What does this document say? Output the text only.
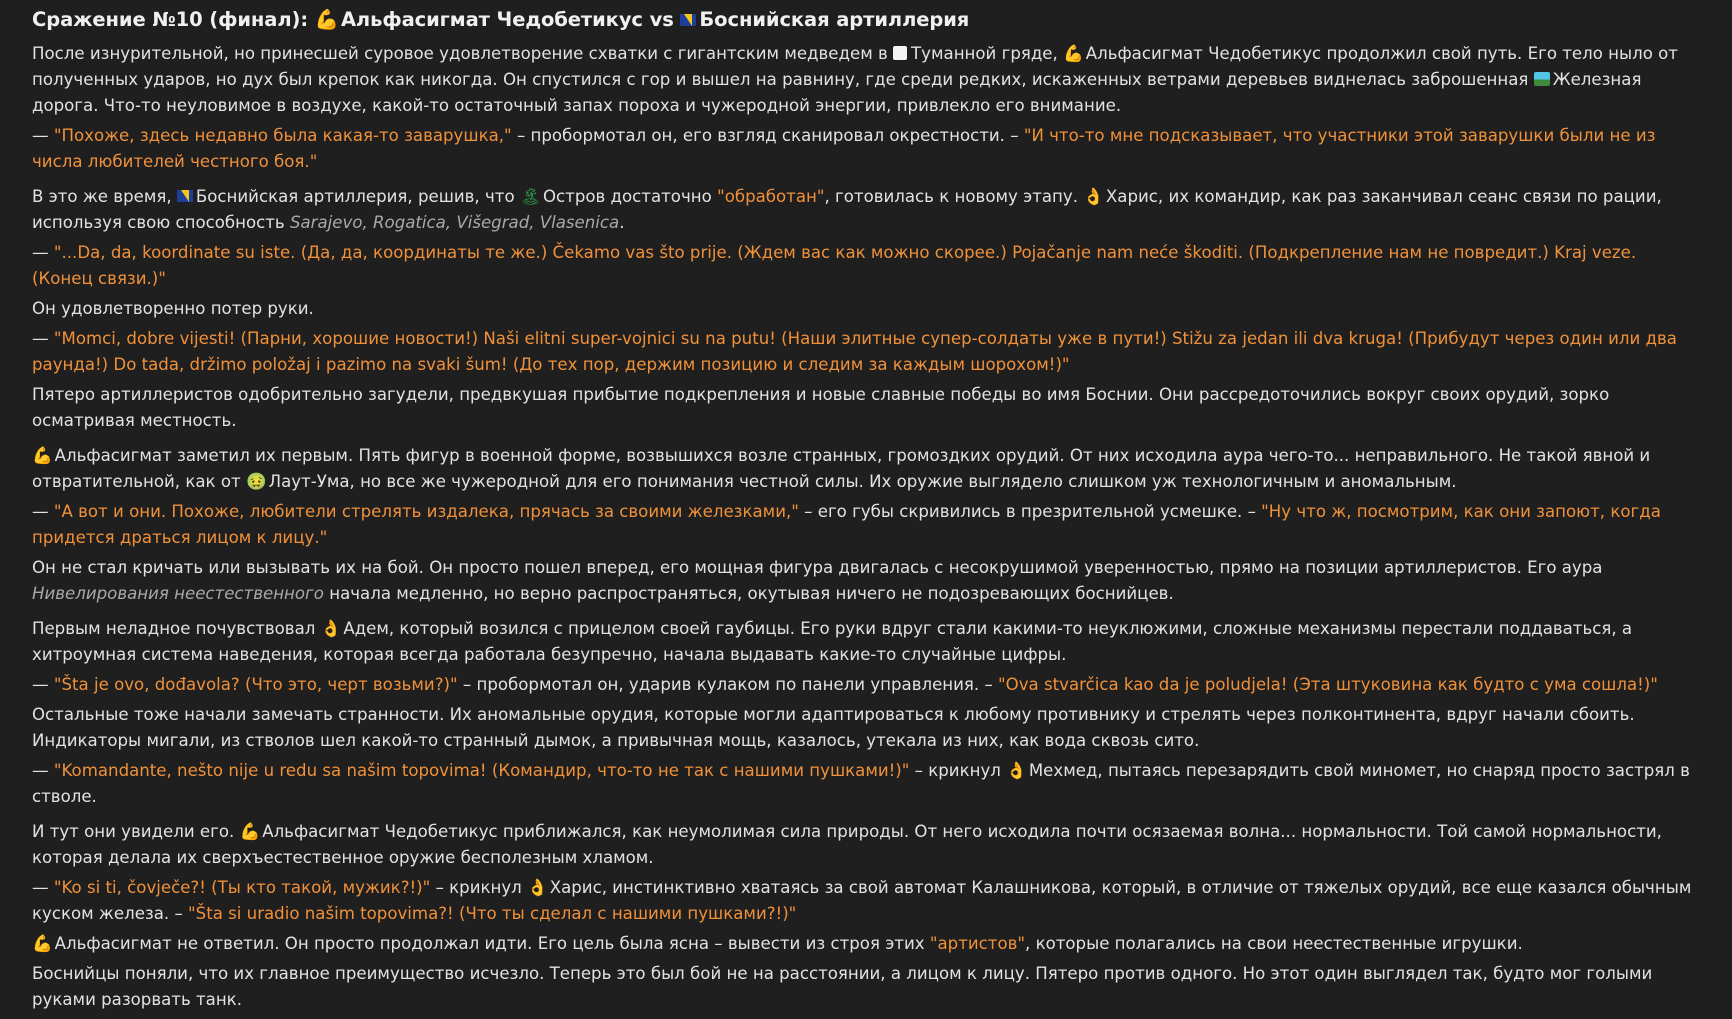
Сражение №10 (финал): 💪 Альфасигмат Чедобетикус vs Боснийская артиллерия

После изнурительной, но принесшей суровое удовлетворение схватки с гигантским медведем в Туманной гряде, 💪 Альфасигмат Чедобетикус продолжил свой путь. Его тело ныло от полученных ударов, но дух был крепок как никогда. Он спустился с гор и вышел на равнину, где среди редких, искаженных ветрами деревьев виднелась заброшенная Железная дорога. Что-то неуловимое в воздухе, какой-то остаточный запах пороха и чужеродной энергии, привлекло его внимание.

— "Похоже, здесь недавно была какая-то заварушка," – пробормотал он, его взгляд сканировал окрестности. – "И что-то мне подсказывает, что участники этой заварушки были не из числа любителей честного боя."

В это же время, Боснийская артиллерия, решив, что 🏝 Остров достаточно "обработан", готовилась к новому этапу. 👌 Харис, их командир, как раз заканчивал сеанс связи по рации, используя свою способность Sarajevo, Rogatica, Višegrad, Vlasenica.

— "...Da, da, koordinate su iste. (Да, да, координаты те же.) Čekamo vas što prije. (Ждем вас как можно скорее.) Pojačanje nam neće škoditi. (Подкрепление нам не повредит.) Kraj veze. (Конец связи.)"

Он удовлетворенно потер руки.

— "Momci, dobre vijesti! (Парни, хорошие новости!) Naši elitni super-vojnici su na putu! (Наши элитные супер-солдаты уже в пути!) Stižu za jedan ili dva kruga! (Прибудут через один или два раунда!) Do tada, držimo položaj i pazimo na svaki šum! (До тех пор, держим позицию и следим за каждым шорохом!)"

Пятеро артиллеристов одобрительно загудели, предвкушая прибытие подкрепления и новые славные победы во имя Боснии. Они рассредоточились вокруг своих орудий, зорко осматривая местность.

💪 Альфасигмат заметил их первым. Пять фигур в военной форме, возвышихся возле странных, громоздких орудий. От них исходила аура чего-то... неправильного. Не такой явной и отвратительной, как от 🤢 Лаут-Ума, но все же чужеродной для его понимания честной силы. Их оружие выглядело слишком уж технологичным и аномальным.

— "А вот и они. Похоже, любители стрелять издалека, прячась за своими железками," – его губы скривились в презрительной усмешке. – "Ну что ж, посмотрим, как они запоют, когда придется драться лицом к лицу."

Он не стал кричать или вызывать их на бой. Он просто пошел вперед, его мощная фигура двигалась с несокрушимой уверенностью, прямо на позиции артиллеристов. Его аура Нивелирования неестественного начала медленно, но верно распространяться, окутывая ничего не подозревающих боснийцев.

Первым неладное почувствовал 👌 Адем, который возился с прицелом своей гаубицы. Его руки вдруг стали какими-то неуклюжими, сложные механизмы перестали поддаваться, а хитроумная система наведения, которая всегда работала безупречно, начала выдавать какие-то случайные цифры.

— "Šta je ovo, dođavola? (Что это, черт возьми?)" – пробормотал он, ударив кулаком по панели управления. – "Ova stvarčica kao da je poludjela! (Эта штуковина как будто с ума сошла!)"

Остальные тоже начали замечать странности. Их аномальные орудия, которые могли адаптироваться к любому противнику и стрелять через полконтинента, вдруг начали сбоить. Индикаторы мигали, из стволов шел какой-то странный дымок, а привычная мощь, казалось, утекала из них, как вода сквозь сито.

— "Komandante, nešto nije u redu sa našim topovima! (Командир, что-то не так с нашими пушками!)" – крикнул 👌 Мехмед, пытаясь перезарядить свой миномет, но снаряд просто застрял в стволе.

И тут они увидели его. 💪 Альфасигмат Чедобетикус приближался, как неумолимая сила природы. От него исходила почти осязаемая волна... нормальности. Той самой нормальности, которая делала их сверхъестественное оружие бесполезным хламом.

— "Ko si ti, čovječe?! (Ты кто такой, мужик?!)" – крикнул 👌 Харис, инстинктивно хватаясь за свой автомат Калашникова, который, в отличие от тяжелых орудий, все еще казался обычным куском железа. – "Šta si uradio našim topovima?! (Что ты сделал с нашими пушками?!)"

💪 Альфасигмат не ответил. Он просто продолжал идти. Его цель была ясна – вывести из строя этих "артистов", которые полагались на свои неестественные игрушки.

Боснийцы поняли, что их главное преимущество исчезло. Теперь это был бой не на расстоянии, а лицом к лицу. Пятеро против одного. Но этот один выглядел так, будто мог голыми руками разорвать танк.
